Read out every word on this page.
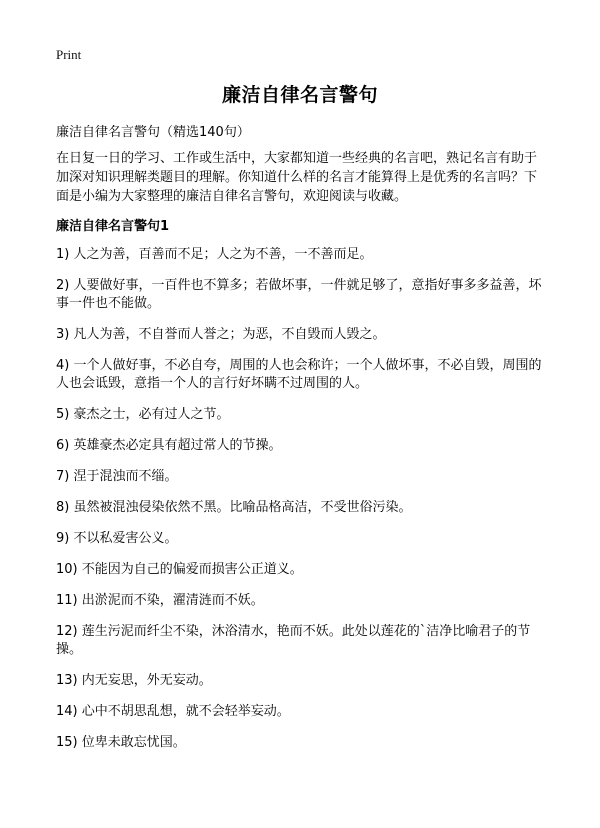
Print
廉洁自律名言警句
廉洁自律名言警句（精选140句）

在日复一日的学习、工作或生活中，大家都知道一些经典的名言吧，熟记名言有助于加深对知识理解类题目的理解。你知道什么样的名言才能算得上是优秀的名言吗？下面是小编为大家整理的廉洁自律名言警句，欢迎阅读与收藏。

廉洁自律名言警句1
1) 人之为善，百善而不足；人之为不善，一不善而足。
2) 人要做好事，一百件也不算多；若做坏事，一件就足够了，意指好事多多益善，坏事一件也不能做。
3) 凡人为善，不自誉而人誉之；为恶，不自毁而人毁之。
4) 一个人做好事，不必自夸，周围的人也会称许；一个人做坏事，不必自毁，周围的人也会诋毁，意指一个人的言行好坏瞒不过周围的人。
5) 豪杰之士，必有过人之节。
6) 英雄豪杰必定具有超过常人的节操。
7) 涅于混浊而不缁。
8) 虽然被混浊侵染依然不黑。比喻品格高洁，不受世俗污染。
9) 不以私爱害公义。
10) 不能因为自己的偏爱而损害公正道义。
11) 出淤泥而不染，濯清涟而不妖。
12) 莲生污泥而纤尘不染，沐浴清水，艳而不妖。此处以莲花的`洁净比喻君子的节操。
13) 内无妄思，外无妄动。
14) 心中不胡思乱想，就不会轻举妄动。
15) 位卑未敢忘忧国。
